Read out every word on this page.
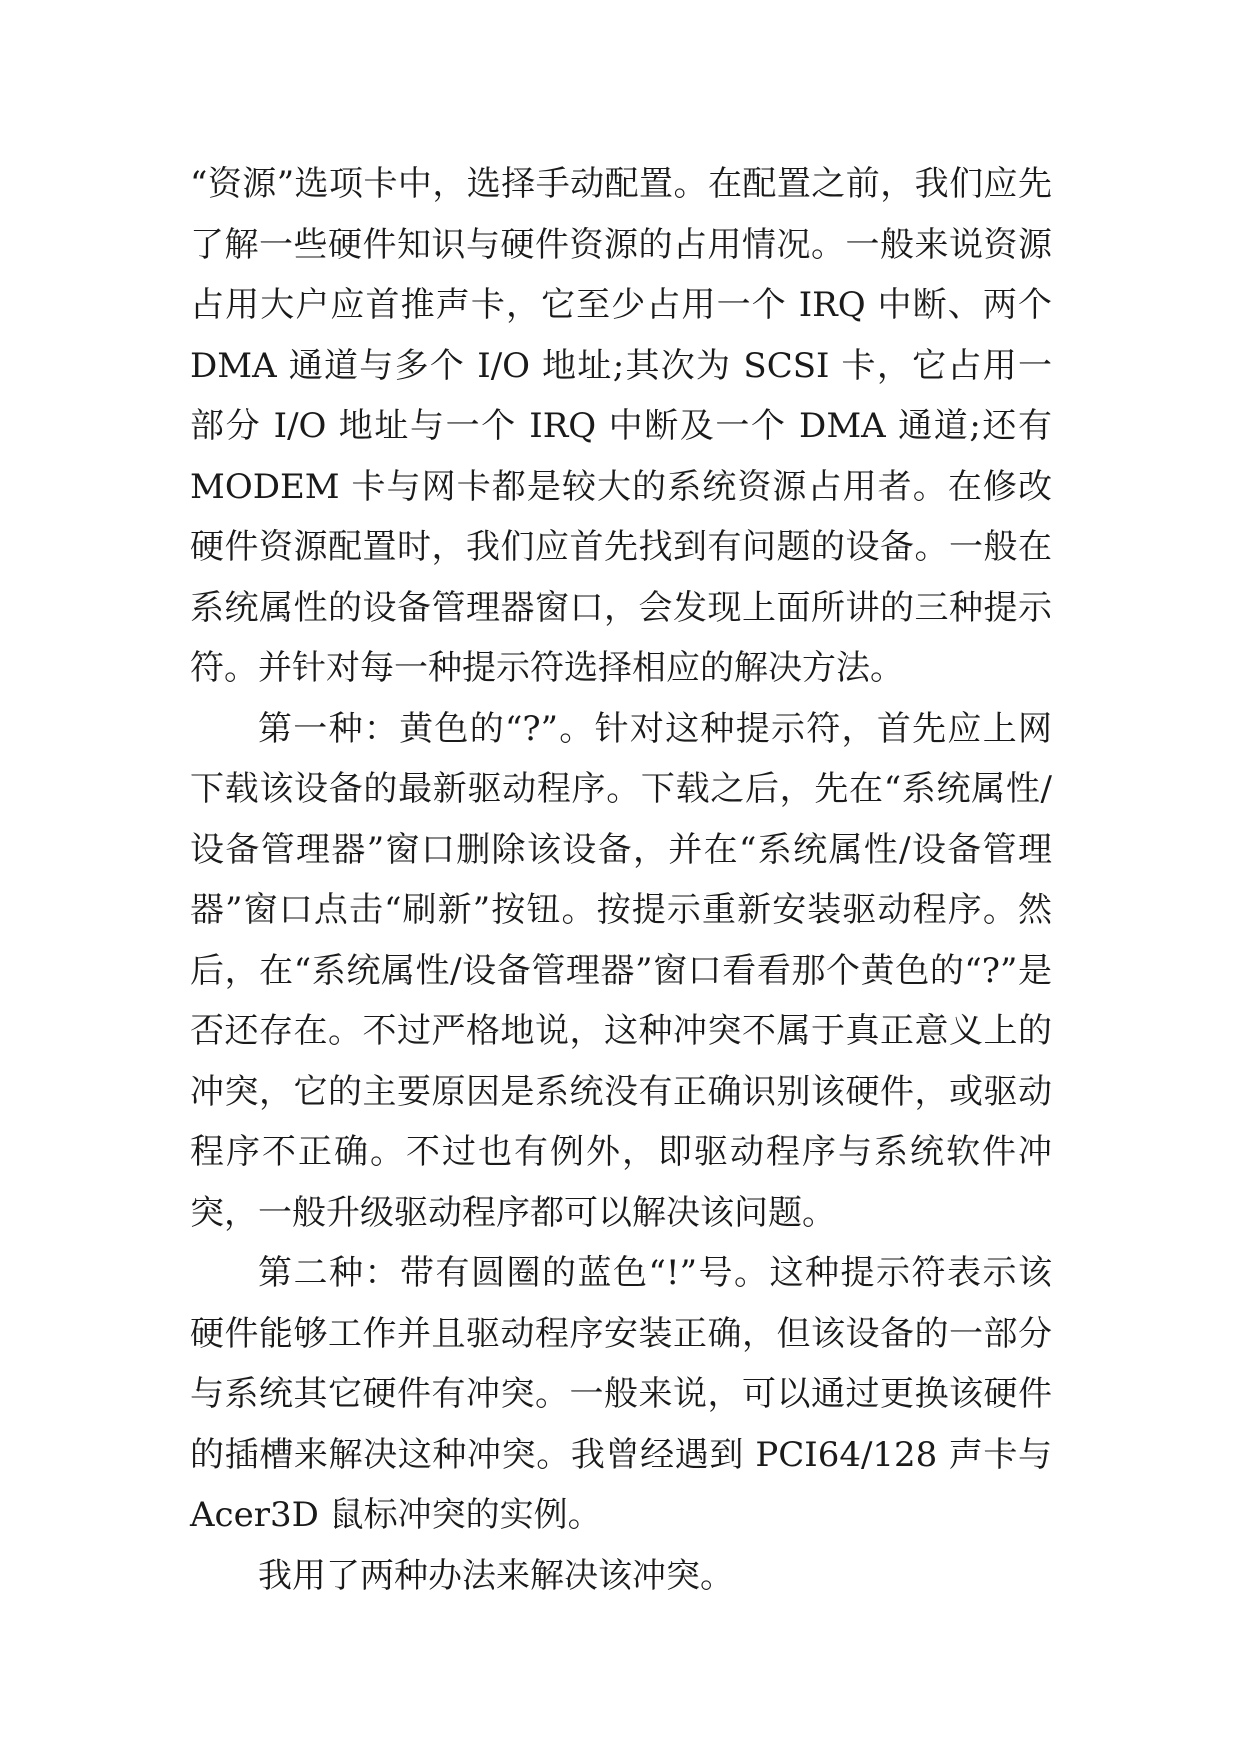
“资源”选项卡中，选择手动配置。在配置之前，我们应先了解一些硬件知识与硬件资源的占用情况。一般来说资源占用大户应首推声卡，它至少占用一个 IRQ 中断、两个 DMA 通道与多个 I/O 地址;其次为 SCSI 卡，它占用一部分 I/O 地址与一个 IRQ 中断及一个 DMA 通道;还有 MODEM 卡与网卡都是较大的系统资源占用者。在修改硬件资源配置时，我们应首先找到有问题的设备。一般在系统属性的设备管理器窗口，会发现上面所讲的三种提示符。并针对每一种提示符选择相应的解决方法。

第一种：黄色的“?”。针对这种提示符，首先应上网下载该设备的最新驱动程序。下载之后，先在“系统属性/设备管理器”窗口删除该设备，并在“系统属性/设备管理器”窗口点击“刷新”按钮。按提示重新安装驱动程序。然后，在“系统属性/设备管理器”窗口看看那个黄色的“?”是否还存在。不过严格地说，这种冲突不属于真正意义上的冲突，它的主要原因是系统没有正确识别该硬件，或驱动程序不正确。不过也有例外，即驱动程序与系统软件冲突，一般升级驱动程序都可以解决该问题。

第二种：带有圆圈的蓝色“!”号。这种提示符表示该硬件能够工作并且驱动程序安装正确，但该设备的一部分与系统其它硬件有冲突。一般来说，可以通过更换该硬件的插槽来解决这种冲突。我曾经遇到 PCI64/128 声卡与 Acer3D 鼠标冲突的实例。

我用了两种办法来解决该冲突。
